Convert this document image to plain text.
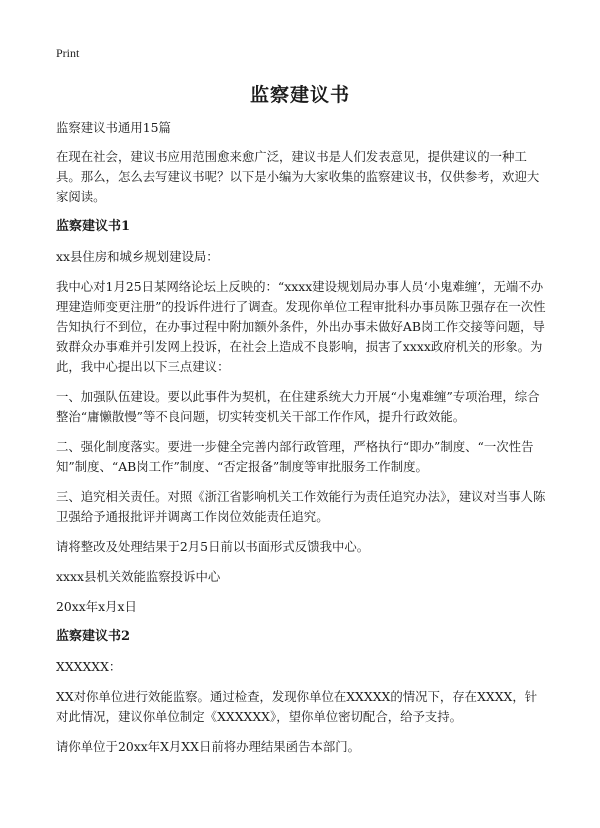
Print
监察建议书

监察建议书通用15篇

在现在社会，建议书应用范围愈来愈广泛，建议书是人们发表意见，提供建议的一种工具。那么，怎么去写建议书呢？以下是小编为大家收集的监察建议书，仅供参考，欢迎大家阅读。

监察建议书1

xx县住房和城乡规划建设局：

我中心对1月25日某网络论坛上反映的：“xxxx建设规划局办事人员‘小鬼难缠’，无端不办理建造师变更注册”的投诉件进行了调查。发现你单位工程审批科办事员陈卫强存在一次性告知执行不到位，在办事过程中附加额外条件，外出办事未做好AB岗工作交接等问题，导致群众办事难并引发网上投诉，在社会上造成不良影响，损害了xxxx政府机关的形象。为此，我中心提出以下三点建议：

一、加强队伍建设。要以此事件为契机，在住建系统大力开展“小鬼难缠”专项治理，综合整治“庸懒散慢”等不良问题，切实转变机关干部工作作风，提升行政效能。

二、强化制度落实。要进一步健全完善内部行政管理，严格执行“即办”制度、“一次性告知”制度、“AB岗工作”制度、“否定报备”制度等审批服务工作制度。

三、追究相关责任。对照《浙江省影响机关工作效能行为责任追究办法》，建议对当事人陈卫强给予通报批评并调离工作岗位效能责任追究。

请将整改及处理结果于2月5日前以书面形式反馈我中心。

xxxx县机关效能监察投诉中心

20xx年x月x日

监察建议书2

XXXXXX：

XX对你单位进行效能监察。通过检查，发现你单位在XXXXX的情况下，存在XXXX，针对此情况，建议你单位制定《XXXXXX》，望你单位密切配合，给予支持。

请你单位于20xx年X月XX日前将办理结果函告本部门。
